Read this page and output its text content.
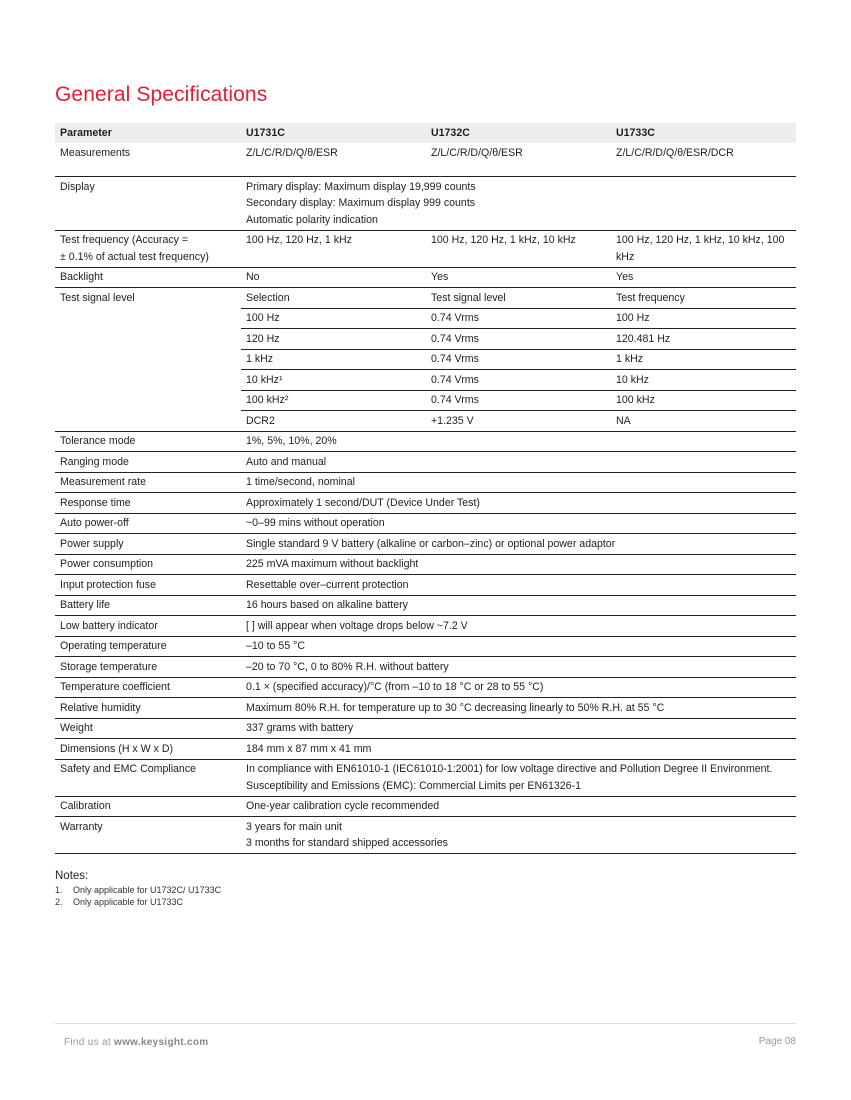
General Specifications
Parameter	U1731C	U1732C	U1733C
Measurements	Z/L/C/R/D/Q/θ/ESR	Z/L/C/R/D/Q/θ/ESR	Z/L/C/R/D/Q/θ/ESR/DCR
Display	Primary display: Maximum display 19,999 counts
Secondary display: Maximum display 999 counts
Automatic polarity indication		

Test frequency (Accuracy =
± 0.1% of actual test frequency)	100 Hz, 120 Hz, 1 kHz	100 Hz, 120 Hz, 1 kHz, 10 kHz	100 Hz, 120 Hz, 1 kHz, 10 kHz, 100 kHz
Backlight	No	Yes	Yes
Test signal level	Selection	Test signal level	Test frequency
	100 Hz	0.74 Vrms	100 Hz
	120 Hz	0.74 Vrms	120.481 Hz
	1 kHz	0.74 Vrms	1 kHz
	10 kHz¹	0.74 Vrms	10 kHz
	100 kHz²	0.74 Vrms	100 kHz
	DCR2	+1.235 V	NA
Tolerance mode	1%, 5%, 10%, 20%		
Ranging mode	Auto and manual		
Measurement rate	1 time/second, nominal		
Response time	Approximately 1 second/DUT (Device Under Test)		
Auto power-off	~0–99 mins without operation		
Power supply	Single standard 9 V battery (alkaline or carbon–zinc) or optional power adaptor		
Power consumption	225 mVA maximum without backlight		
Input protection fuse	Resettable over–current protection		
Battery life	16 hours based on alkaline battery		
Low battery indicator	[ ] will appear when voltage drops below ~7.2 V		
Operating temperature	–10 to 55 °C		
Storage temperature	–20 to 70 °C, 0 to 80% R.H. without battery		
Temperature coefficient	0.1 × (specified accuracy)/°C (from –10 to 18 °C or 28 to 55 °C)		
Relative humidity	Maximum 80% R.H. for temperature up to 30 °C decreasing linearly to 50% R.H. at 55 °C		
Weight	337 grams with battery		
Dimensions (H x W x D)	184 mm x 87 mm x 41 mm		
Safety and EMC Compliance	In compliance with EN61010-1 (IEC61010-1:2001) for low voltage directive and Pollution Degree II Environment.
Susceptibility and Emissions (EMC): Commercial Limits per EN61326-1		

Calibration	One-year calibration cycle recommended		
Warranty	3 years for main unit
3 months for standard shipped accessories		

Notes:

1. Only applicable for U1732C/ U1733C
2. Only applicable for U1733C
Find us at www.keysight.com	Page 08
